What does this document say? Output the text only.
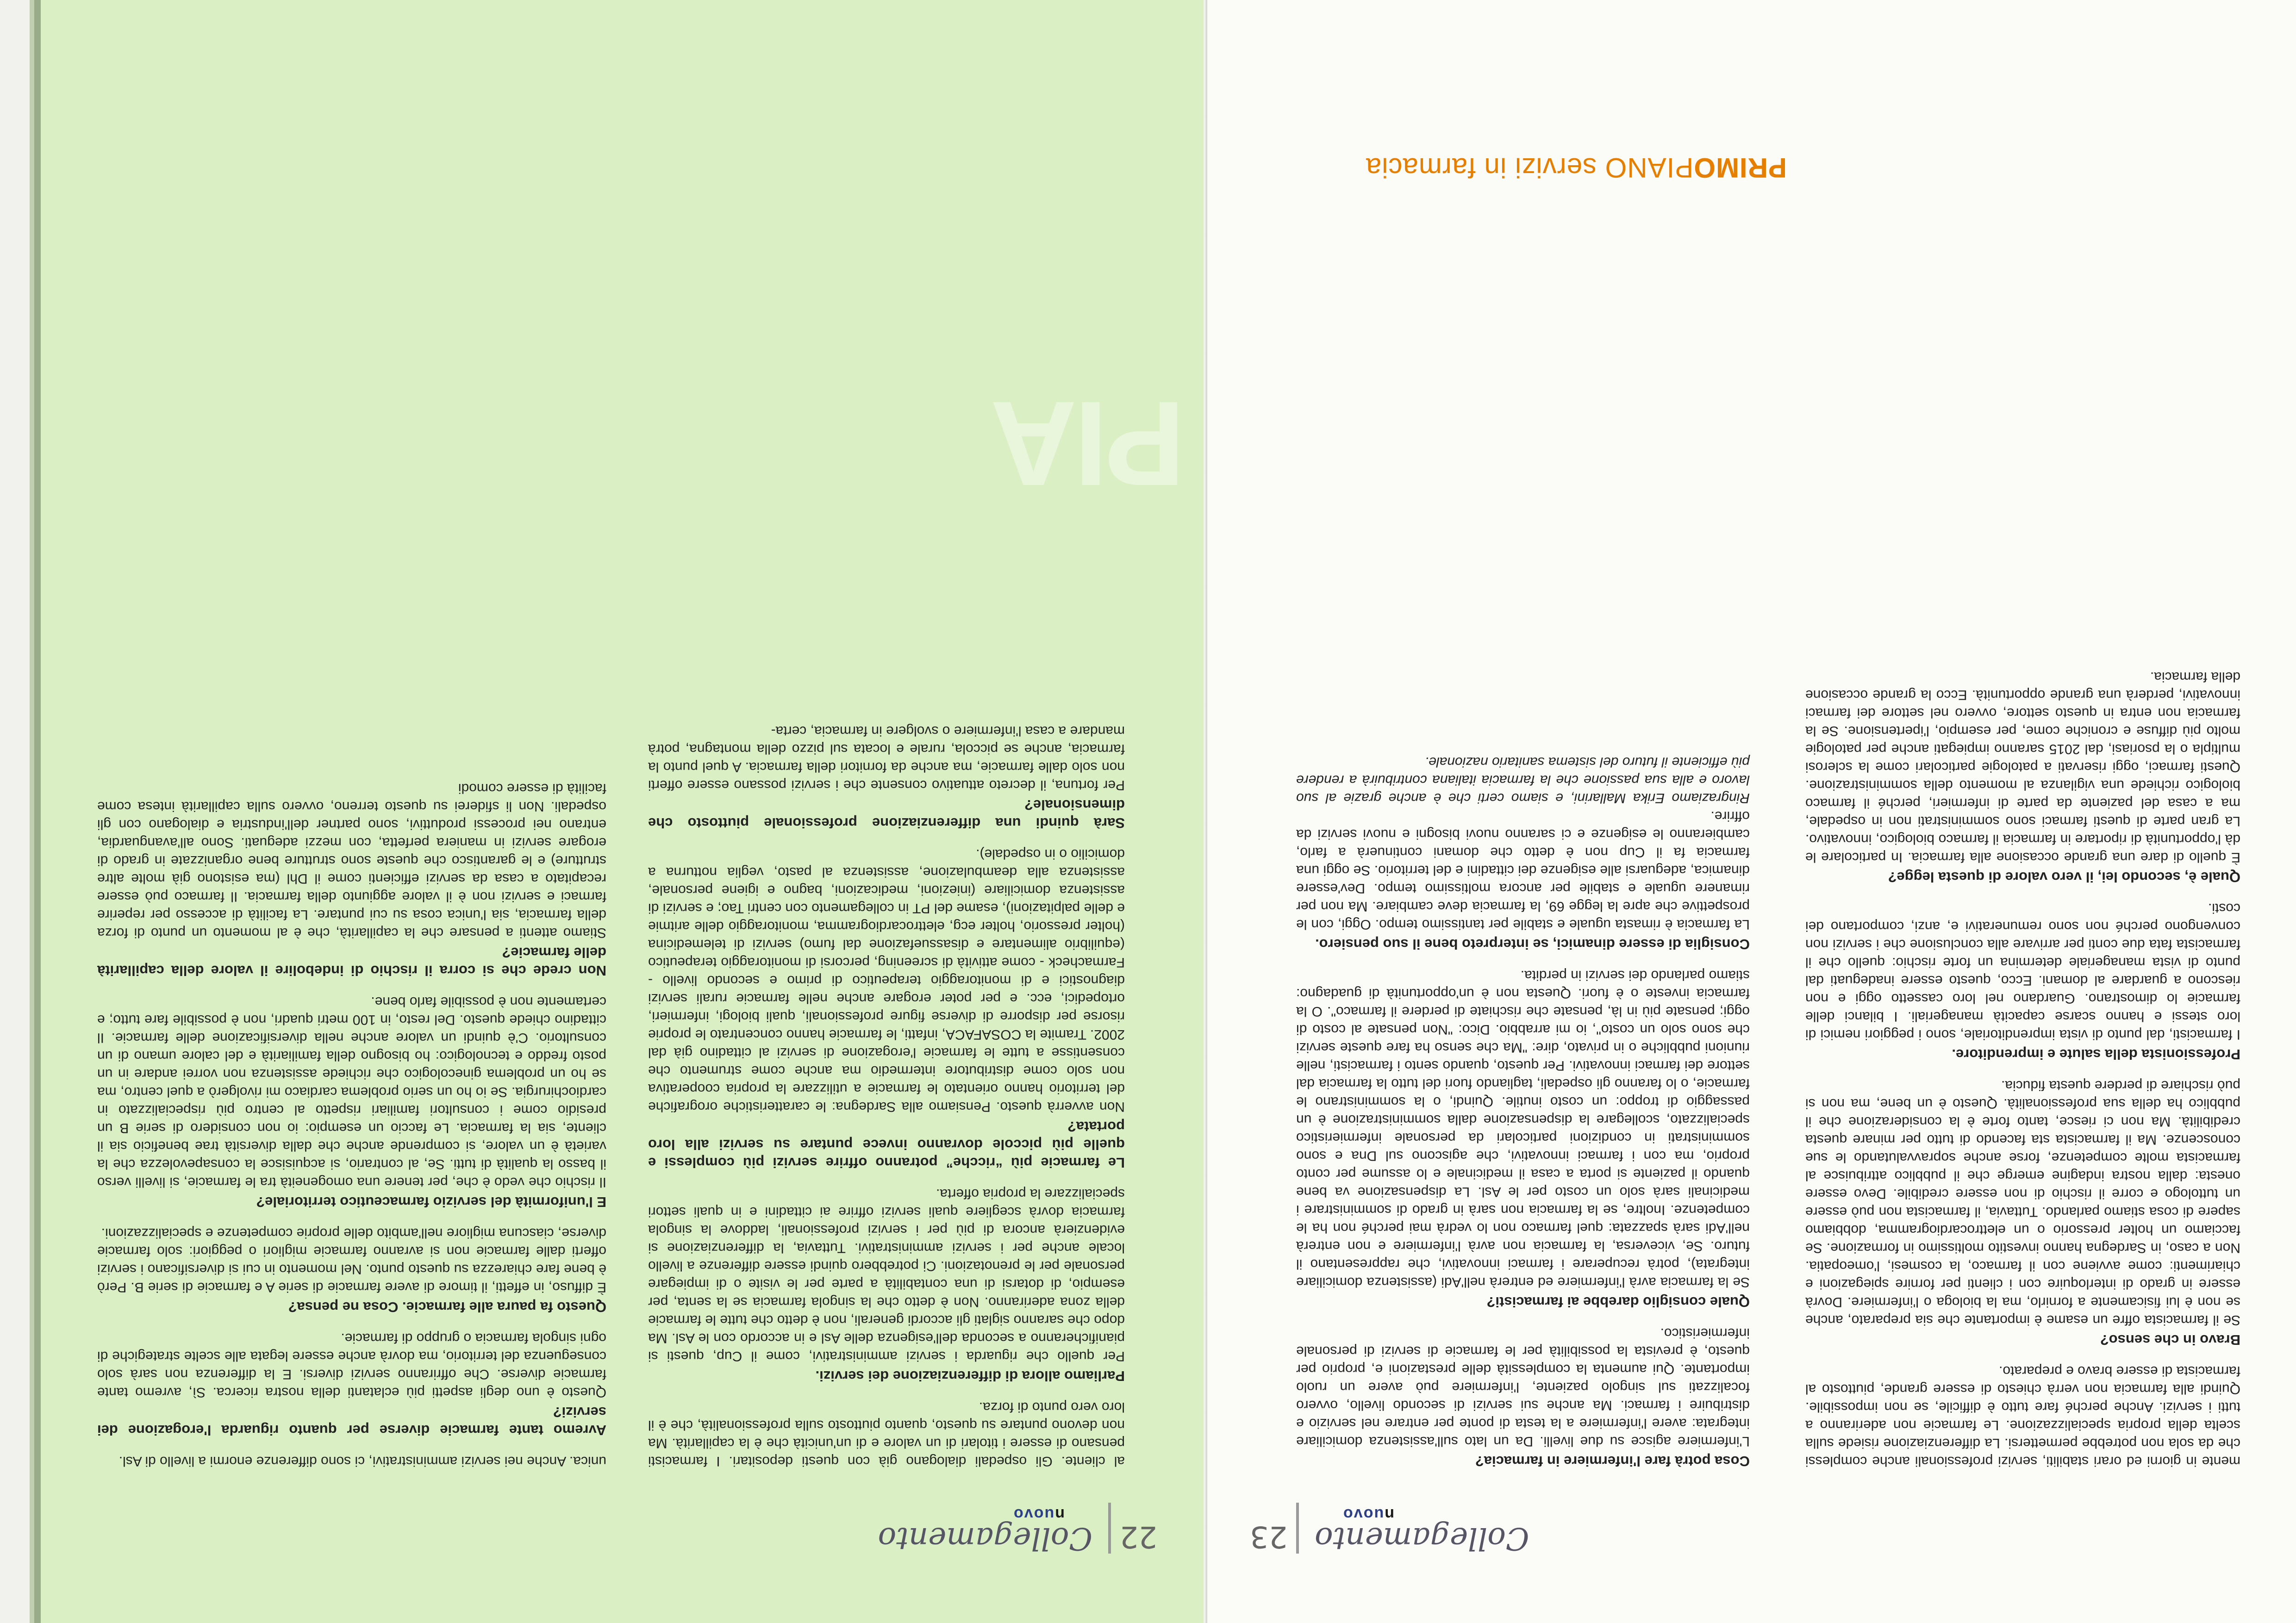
Collegamento
nuovo
23

mente in giorni ed orari stabiliti, servizi professionali anche complessi che da sola non potrebbe permettersi. La differenziazione risiede sulla scelta della propria specializzazione. Le farmacie non aderiranno a tutti i servizi. Anche perché fare tutto è difficile, se non impossibile. Quindi alla farmacia non verrà chiesto di essere grande, piuttosto al farmacista di essere bravo e preparato.

Bravo in che senso?

Se il farmacista offre un esame è importante che sia preparato, anche se non è lui fisicamente a fornirlo, ma la biologa o l'infermiere. Dovrà essere in grado di interloquire con i clienti per fornire spiegazioni e chiarimenti: come avviene con il farmaco, la cosmesi, l'omeopatia. Non a caso, in Sardegna hanno investito moltissimo in formazione. Se facciamo un holter pressorio o un elettrocardiogramma, dobbiamo sapere di cosa stiamo parlando. Tuttavia, il farmacista non può essere un tuttologo e corre il rischio di non essere credibile. Devo essere onesta: dalla nostra indagine emerge che il pubblico attribuisce al farmacista molte competenze, forse anche sopravvalutando le sue conoscenze. Ma il farmacista sta facendo di tutto per minare questa credibilità. Ma non ci riesce, tanto forte è la considerazione che il pubblico ha della sua professionalità. Questo è un bene, ma non si può rischiare di perdere questa fiducia.

Professionista della salute e imprenditore.

I farmacisti, dal punto di vista imprenditoriale, sono i peggiori nemici di loro stessi e hanno scarse capacità manageriali. I bilanci delle farmacie lo dimostrano. Guardano nel loro cassetto oggi e non riescono a guardare al domani. Ecco, questo essere inadeguati dal punto di vista manageriale determina un forte rischio: quello che il farmacista fata due conti per arrivare alla conclusione che i servizi non convengono perché non sono remunerativi e, anzi, comportano dei costi.

Quale è, secondo lei, il vero valore di questa legge?

È quello di dare una grande occasione alla farmacia. In particolare le dà l'opportunità di riportare in farmacia il farmaco biologico, innovativo. La gran parte di questi farmaci sono somministrati non in ospedale, ma a casa del paziente da parte di infermieri, perché il farmaco biologico richiede una vigilanza al momento della somministrazione. Questi farmaci, oggi riservati a patologie particolari come la sclerosi multipla o la psoriasi, dal 2015 saranno impiegati anche per patologie molto più diffuse e croniche come, per esempio, l'ipertensione. Se la farmacia non entra in questo settore, ovvero nel settore dei farmaci innovativi, perderà una grande opportunità. Ecco la grande occasione della farmacia.

Cosa potrà fare l'infermiere in farmacia?

L'infermiere agisce su due livelli. Da un lato sull'assistenza domiciliare integrata: avere l'infermiere a la testa di ponte per entrare nel servizio e distribuire i farmaci. Ma anche sui servizi di secondo livello, ovvero focalizzati sul singolo paziente, l'infermiere può avere un ruolo importante. Qui aumenta la complessità delle prestazioni e, proprio per questo, è prevista la possibilità per le farmacie di servizi di personale infermieristico.

Quale consiglio darebbe ai farmacisti?

Se la farmacia avrà l'infermiere ed entrerà nell'Adi (assistenza domiciliare integrata), potrà recuperare i farmaci innovativi, che rappresentano il futuro. Se, viceversa, la farmacia non avrà l'infermiere e non entrerà nell'Adi sarà spazzata: quel farmaco non lo vedrà mai perché non ha le competenze. Inoltre, se la farmacia non sarà in grado di somministrare i medicinali sarà solo un costo per le Asl. La dispensazione va bene quando il paziente si porta a casa il medicinale e lo assume per conto proprio, ma con i farmaci innovativi, che agiscono sul Dna e sono somministrati in condizioni particolari da personale infermieristico specializzato, scollegare la dispensazione dalla somministrazione è un passaggio di troppo: un costo inutile. Quindi, o la somministrano le farmacie, o lo faranno gli ospedali, tagliando fuori del tutto la farmacia dal settore dei farmaci innovativi. Per questo, quando sento i farmacisti, nelle riunioni pubbliche o in privato, dire: "Ma che senso ha fare queste servizi che sono solo un costo", io mi arrabbio. Dico: "Non pensate al costo di oggi; pensate più in là, pensate che rischiate di perdere il farmaco". O la farmacia investe o è fuori. Questa non è un'opportunità di guadagno: stiamo parlando dei servizi in perdita.

Consiglia di essere dinamici, se interpreto bene il suo pensiero.

La farmacia è rimasta uguale e stabile per tantissimo tempo. Oggi, con le prospettive che apre la legge 69, la farmacia deve cambiare. Ma non per rimanere uguale e stabile per ancora moltissimo tempo. Dev'essere dinamica, adeguarsi alle esigenze dei cittadini e del territorio. Se oggi una farmacia fa il Cup non è detto che domani continuerà a farlo, cambieranno le esigenze e ci saranno nuovi bisogni e nuovi servizi da offrire.

Ringraziamo Erika Mallarini, e siamo certi che è anche grazie al suo lavoro e alla sua passione che la farmacia italiana contribuirà a rendere più efficiente il futuro del sistema sanitario nazionale.

PRIMOPIANO servizi in farmacia
PIA
22
Collegamento
nuovo

al cliente. Gli ospedali dialogano già con questi depositari. I farmacisti pensano di essere i titolari di un valore e di un'unicità che è la capillarità. Ma non devono puntare su questo, quanto piuttosto sulla professionalità, che è il loro vero punto di forza.

Parliamo allora di differenziazione dei servizi.

Per quello che riguarda i servizi amministrativi, come il Cup, questi si pianificheranno a seconda dell'esigenza delle Asl e in accordo con le Asl. Ma dopo che saranno siglati gli accordi generali, non è detto che tutte le farmacie della zona aderiranno. Non è detto che la singola farmacia se la senta, per esempio, di dotarsi di una contabilità a parte per le visite o di impiegare personale per le prenotazioni. Ci potrebbero quindi essere differenze a livello locale anche per i servizi amministrativi. Tuttavia, la differenziazione si evidenzierà ancora di più per i servizi professionali, laddove la singola farmacia dovrà scegliere quali servizi offrire ai cittadini e in quali settori specializzare la propria offerta.

Le farmacie più “ricche” potranno offrire servizi più complessi e quelle più piccole dovranno invece puntare su servizi alla loro portata?

Non avverrà questo. Pensiamo alla Sardegna: le caratteristiche orografiche del territorio hanno orientato le farmacie a utilizzare la propria cooperativa non solo come distributore intermedio ma anche come strumento che consentisse a tutte le farmacie l'erogazione di servizi al cittadino già dal 2002. Tramite la COSAFACA, infatti, le farmacie hanno concentrato le proprie risorse per disporre di diverse figure professionali, quali biologi, infermieri, ortopedici, ecc. e per poter erogare anche nelle farmacie rurali servizi diagnostici e di monitoraggio terapeutico di primo e secondo livello - Farmacheck - come attività di screening, percorsi di monitoraggio terapeutico (equilibrio alimentare e disassuefazione dal fumo) servizi di telemedicina (holter pressorio, holter ecg, elettrocardiogramma, monitoraggio delle aritmie e delle palpitazioni), esame del PT in collegamento con centri Tao; e servizi di assistenza domiciliare (iniezioni, medicazioni, bagno e igiene personale, assistenza alla deambulazione, assistenza al pasto, veglia notturna a domicilio o in ospedale).

Sarà quindi una differenziazione professionale piuttosto che dimensionale?

Per fortuna, il decreto attuativo consente che i servizi possano essere offerti non solo dalle farmacie, ma anche da fornitori della farmacia. A quel punto la farmacia, anche se piccola, rurale e locata sul pizzo della montagna, potrà mandare a casa l'infermiere o svolgere in farmacia, certa-

unica. Anche nei servizi amministrativi, ci sono differenze enormi a livello di Asl.

Avremo tante farmacie diverse per quanto riguarda l'erogazione dei servizi?

Questo è uno degli aspetti più eclatanti della nostra ricerca. Sì, avremo tante farmacie diverse. Che offriranno servizi diversi. E la differenza non sarà solo conseguenza del territorio, ma dovrà anche essere legata alle scelte strategiche di ogni singola farmacia o gruppo di farmacie.

Questo fa paura alle farmacie. Cosa ne pensa?

È diffuso, in effetti, il timore di avere farmacie di serie A e farmacie di serie B. Però è bene fare chiarezza su questo punto. Nel momento in cui si diversificano i servizi offerti dalle farmacie non si avranno farmacie migliori o peggiori: solo farmacie diverse, ciascuna migliore nell'ambito delle proprie competenze e specializzazioni.

E l'uniformità del servizio farmaceutico territoriale?

Il rischio che vedo è che, per tenere una omogeneità tra le farmacie, si livelli verso il basso la qualità di tutti. Se, al contrario, si acquisisce la consapevolezza che la varietà è un valore, si comprende anche che dalla diversità trae beneficio sia il cliente, sia la farmacia. Le faccio un esempio: io non considero di serie B un presidio come i consultori familiari rispetto al centro più rispecializzato in cardiochirurgia. Se io ho un serio problema cardiaco mi rivolgerò a quel centro, ma se ho un problema ginecologico che richiede assistenza non vorrei andare in un posto freddo e tecnologico: ho bisogno della familiarità e del calore umano di un consultorio. C'è quindi un valore anche nella diversificazione delle farmacie. Il cittadino chiede questo. Del resto, in 100 metri quadri, non è possibile fare tutto; e certamente non è possibile farlo bene.

Non crede che si corra il rischio di indebolire il valore della capillarità delle farmacie?

Stiamo attenti a pensare che la capillarità, che è al momento un punto di forza della farmacia, sia l'unica cosa su cui puntare. La facilità di accesso per reperire farmaci e servizi non è il valore aggiunto della farmacia. Il farmaco può essere recapitato a casa da servizi efficienti come il Dhl (ma esistono già molte altre strutture) e le garantisco che queste sono strutture bene organizzate in grado di erogare servizi in maniera perfetta, con mezzi adeguati. Sono all'avanguardia, entrano nei processi produttivi, sono partner dell'industria e dialogano con gli ospedali. Non li sfiderei su questo terreno, ovvero sulla capillarità intesa come facilità di essere comodi
